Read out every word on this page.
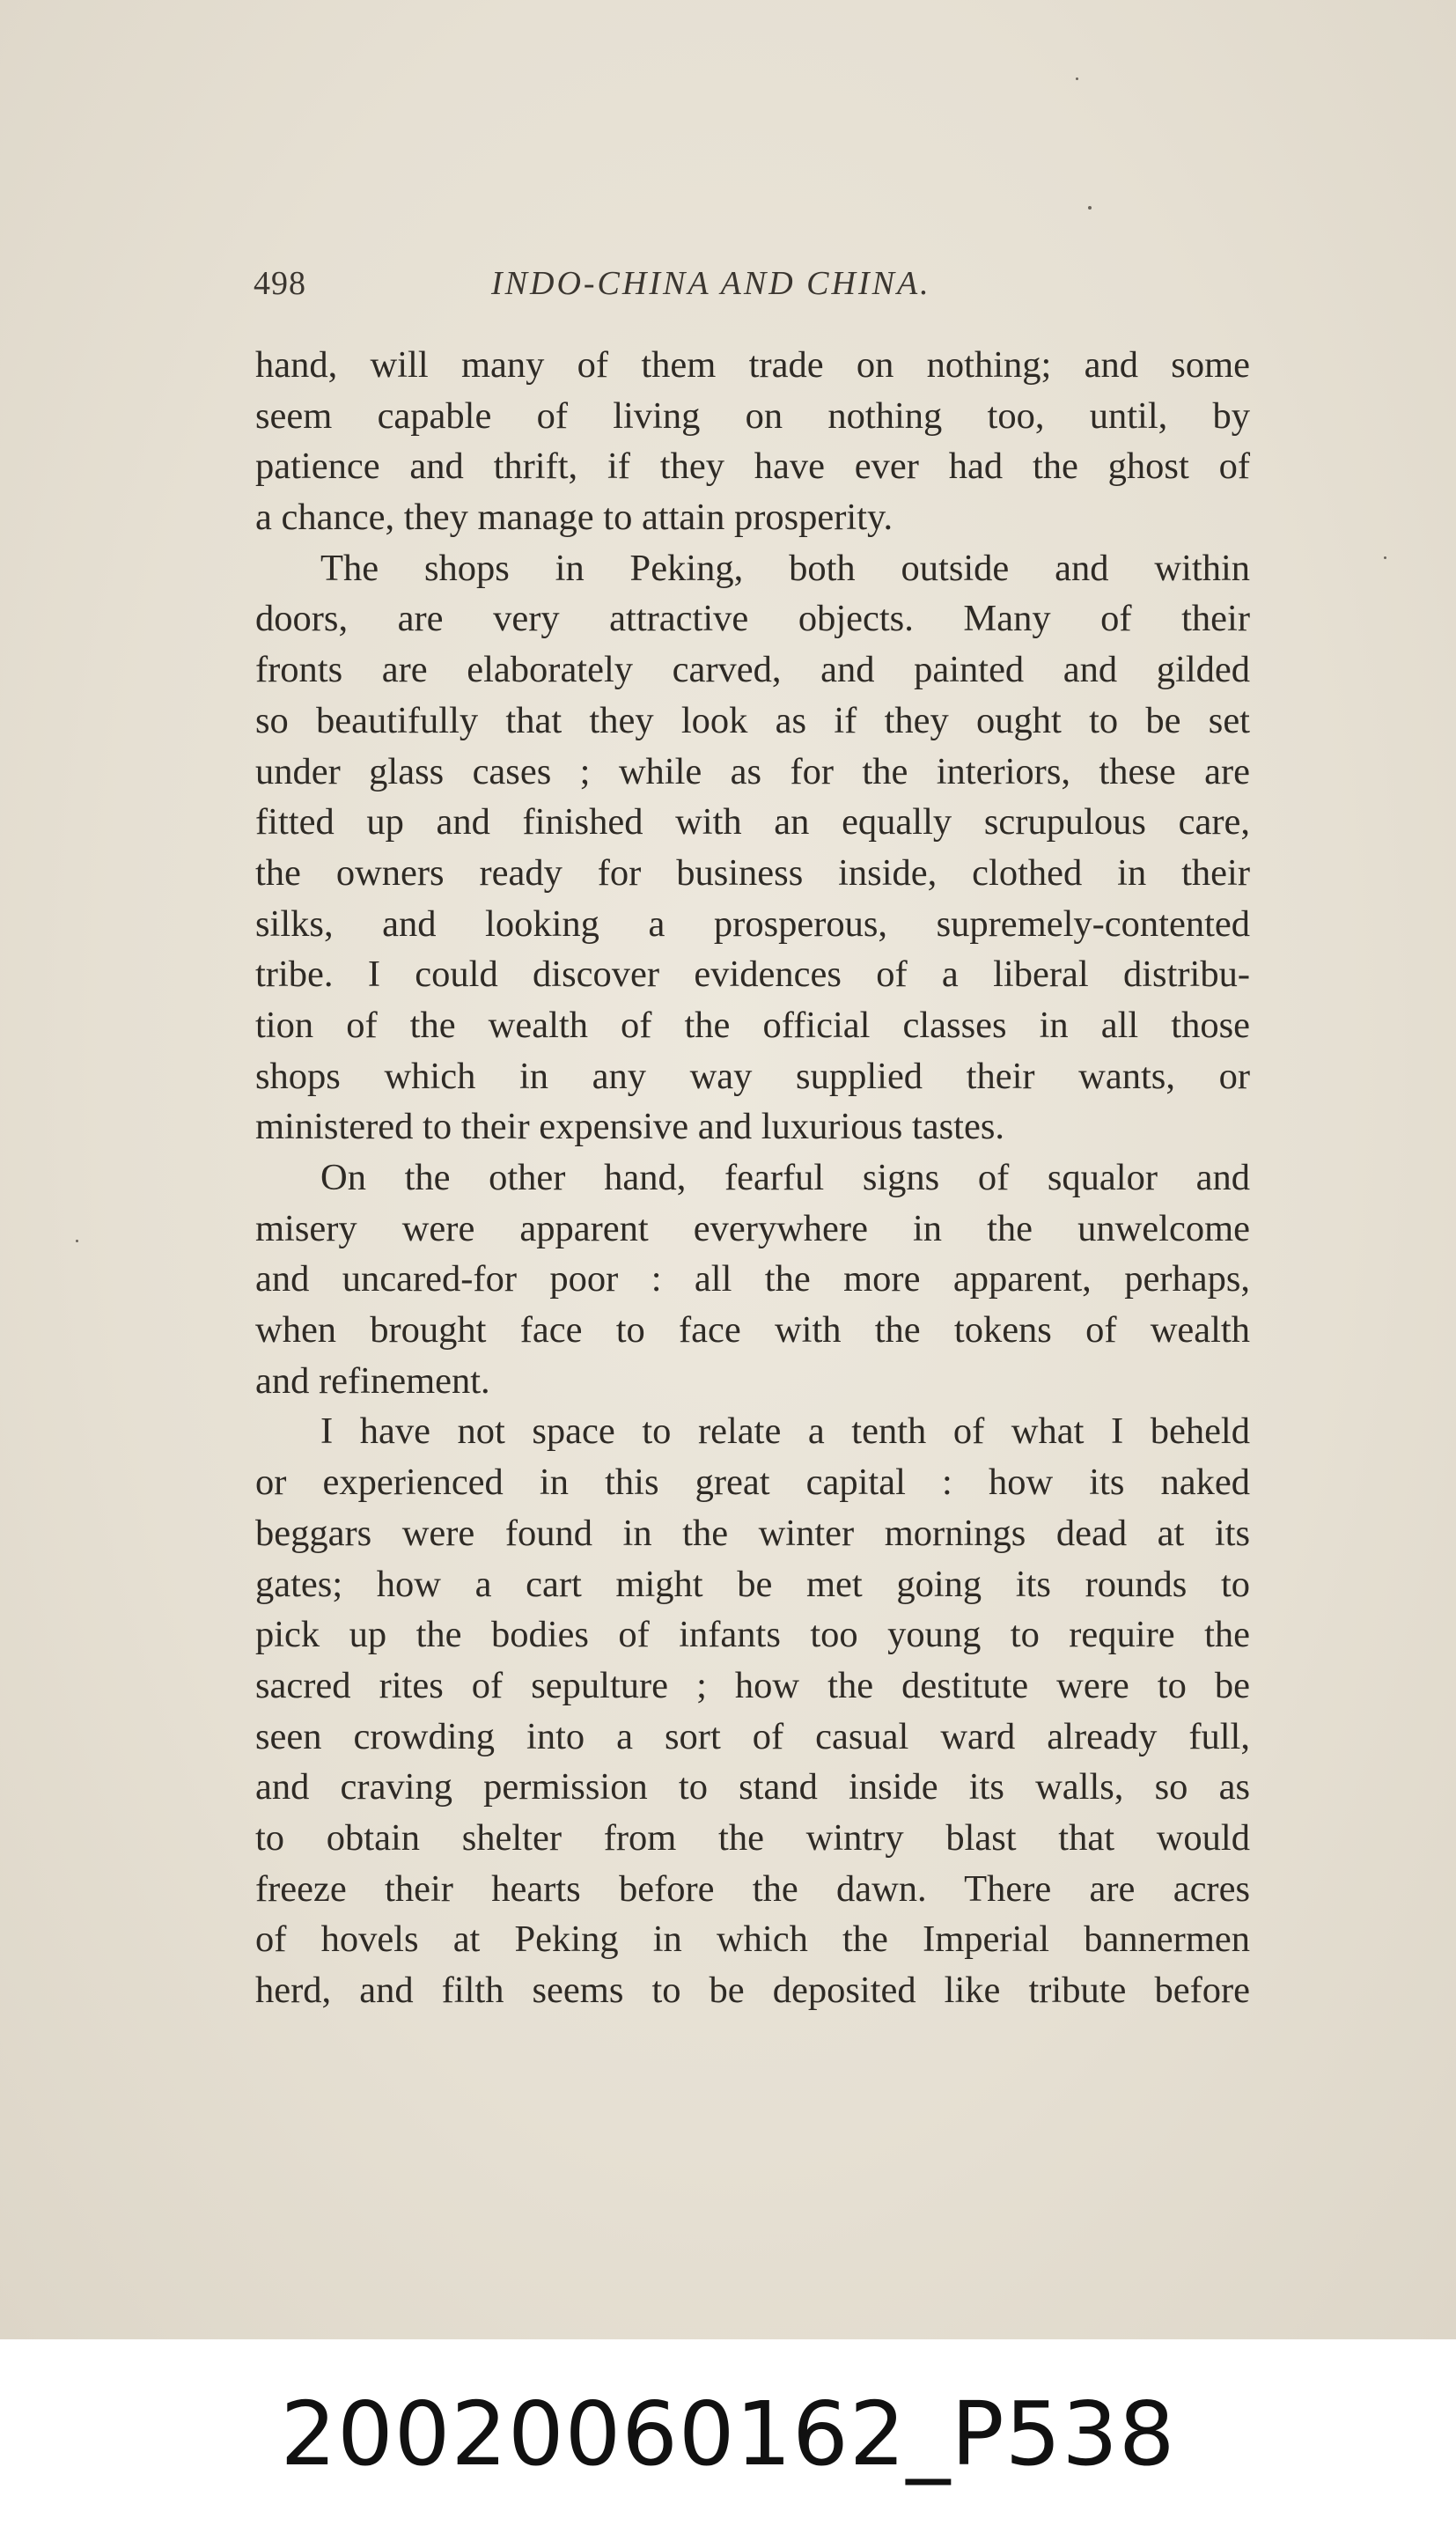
498	INDO-CHINA AND CHINA.
hand, will many of them trade on nothing; and some
seem capable of living on nothing too, until, by
patience and thrift, if they have ever had the ghost of
a chance, they manage to attain prosperity.
The shops in Peking, both outside and within
doors, are very attractive objects. Many of their
fronts are elaborately carved, and painted and gilded
so beautifully that they look as if they ought to be set
under glass cases ; while as for the interiors, these are
fitted up and finished with an equally scrupulous care,
the owners ready for business inside, clothed in their
silks, and looking a prosperous, supremely-contented
tribe. I could discover evidences of a liberal distribu-
tion of the wealth of the official classes in all those
shops which in any way supplied their wants, or
ministered to their expensive and luxurious tastes.
On the other hand, fearful signs of squalor and
misery were apparent everywhere in the unwelcome
and uncared-for poor : all the more apparent, perhaps,
when brought face to face with the tokens of wealth
and refinement.
I have not space to relate a tenth of what I beheld
or experienced in this great capital : how its naked
beggars were found in the winter mornings dead at its
gates; how a cart might be met going its rounds to
pick up the bodies of infants too young to require the
sacred rites of sepulture ; how the destitute were to be
seen crowding into a sort of casual ward already full,
and craving permission to stand inside its walls, so as
to obtain shelter from the wintry blast that would
freeze their hearts before the dawn. There are acres
of hovels at Peking in which the Imperial bannermen
herd, and filth seems to be deposited like tribute before
20020060162_P538
